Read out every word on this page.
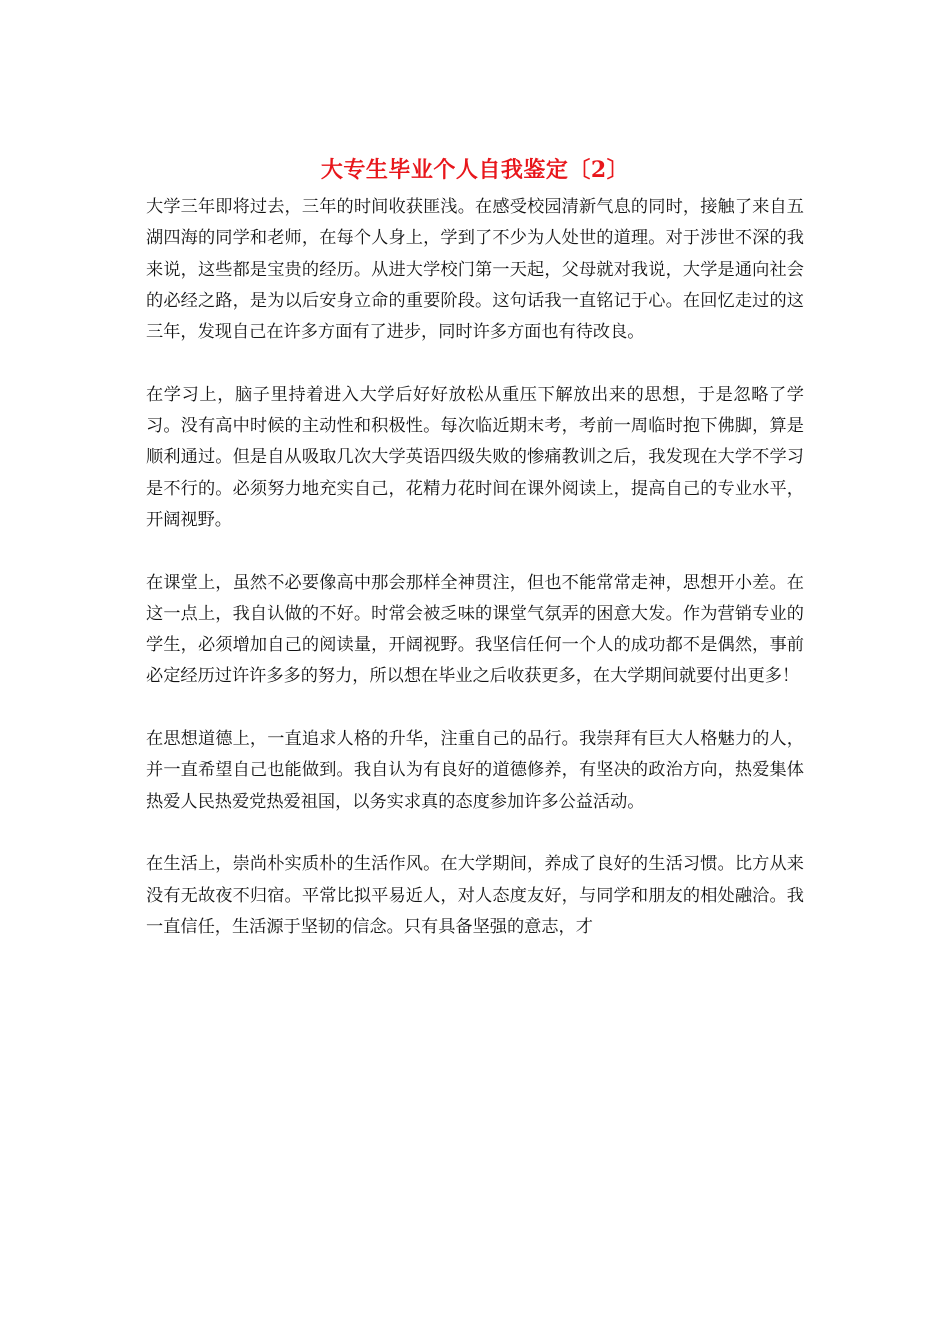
大专生毕业个人自我鉴定〔2〕

大学三年即将过去，三年的时间收获匪浅。在感受校园清新气息的同时，接触了来自五湖四海的同学和老师，在每个人身上，学到了不少为人处世的道理。对于涉世不深的我来说，这些都是宝贵的经历。从进大学校门第一天起，父母就对我说，大学是通向社会的必经之路，是为以后安身立命的重要阶段。这句话我一直铭记于心。在回忆走过的这三年，发现自己在许多方面有了进步，同时许多方面也有待改良。

在学习上，脑子里持着进入大学后好好放松从重压下解放出来的思想，于是忽略了学习。没有高中时候的主动性和积极性。每次临近期末考，考前一周临时抱下佛脚，算是顺利通过。但是自从吸取几次大学英语四级失败的惨痛教训之后，我发现在大学不学习是不行的。必须努力地充实自己，花精力花时间在课外阅读上，提高自己的专业水平，开阔视野。

在课堂上，虽然不必要像高中那会那样全神贯注，但也不能常常走神，思想开小差。在这一点上，我自认做的不好。时常会被乏味的课堂气氛弄的困意大发。作为营销专业的学生，必须增加自己的阅读量，开阔视野。我坚信任何一个人的成功都不是偶然，事前必定经历过许许多多的努力，所以想在毕业之后收获更多，在大学期间就要付出更多！

在思想道德上，一直追求人格的升华，注重自己的品行。我崇拜有巨大人格魅力的人，并一直希望自己也能做到。我自认为有良好的道德修养，有坚决的政治方向，热爱集体热爱人民热爱党热爱祖国，以务实求真的态度参加许多公益活动。

在生活上，崇尚朴实质朴的生活作风。在大学期间，养成了良好的生活习惯。比方从来没有无故夜不归宿。平常比拟平易近人，对人态度友好，与同学和朋友的相处融洽。我一直信任，生活源于坚韧的信念。只有具备坚强的意志，才
